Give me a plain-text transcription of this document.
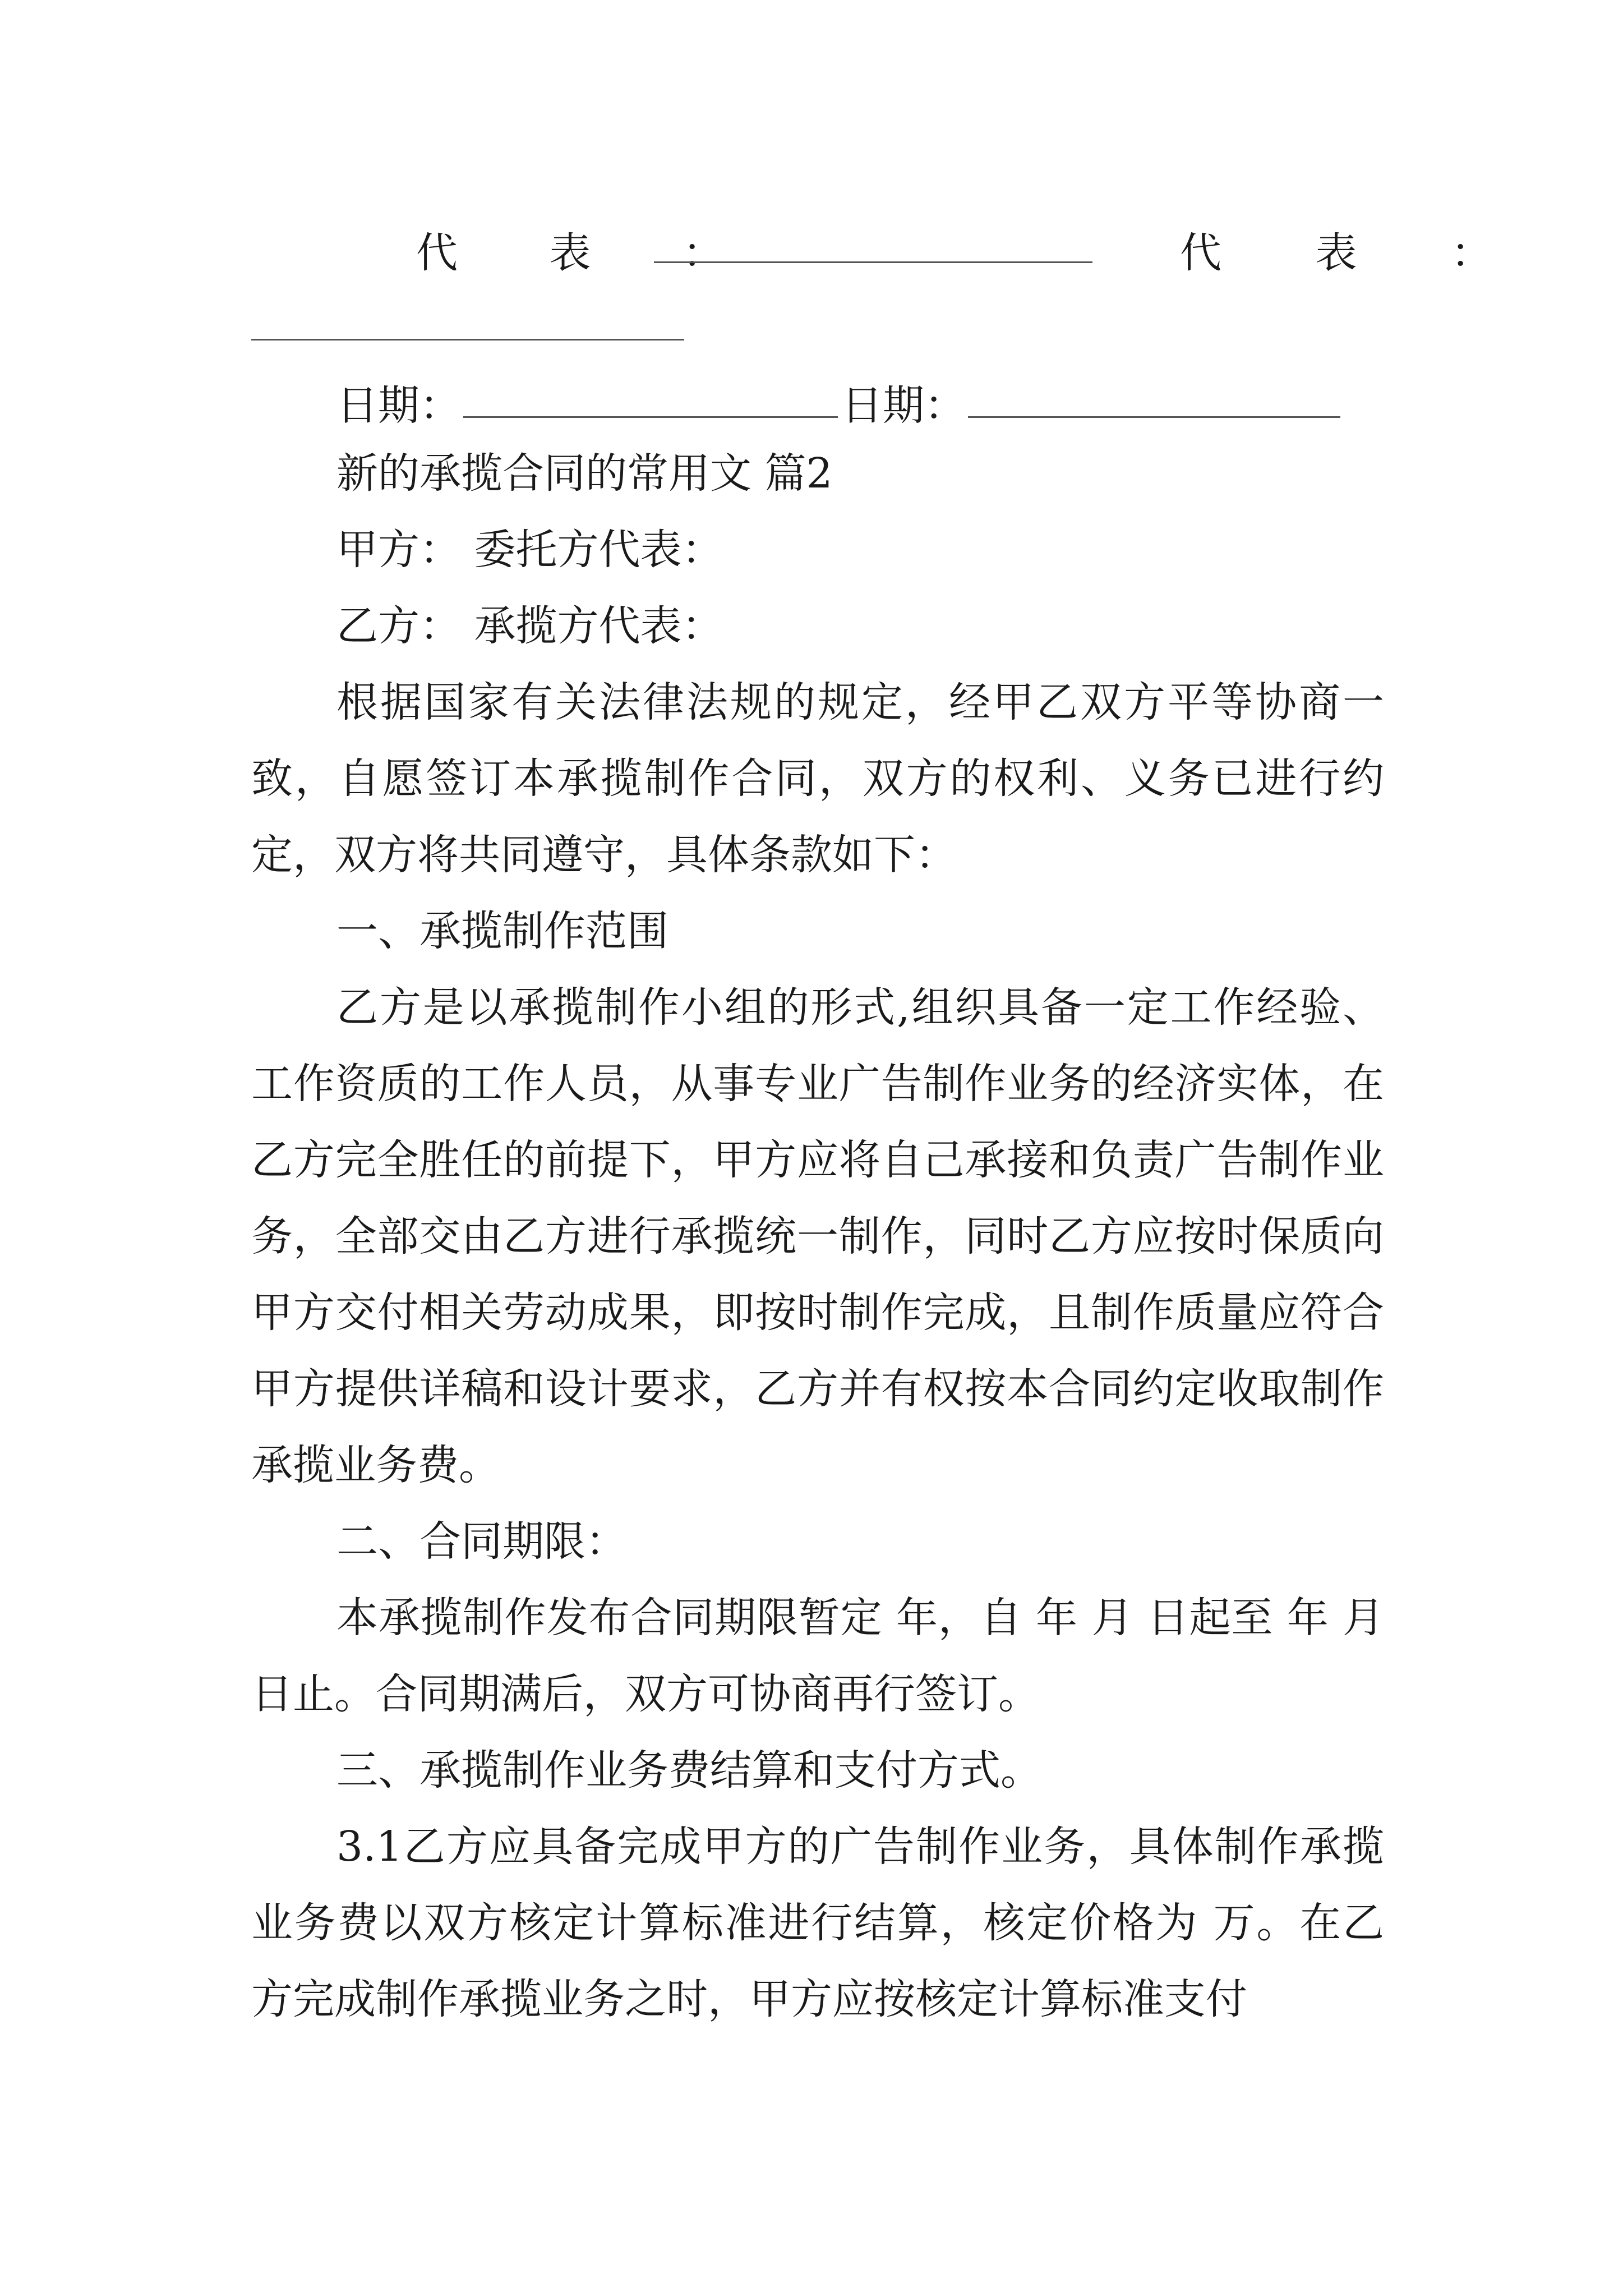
代 表 ：	代 表 ：
日期：	日期：

新的承揽合同的常用文 篇2

甲方： 委托方代表：

乙方： 承揽方代表：

根据国家有关法律法规的规定，经甲乙双方平等协商一致，自愿签订本承揽制作合同，双方的权利、义务已进行约定，双方将共同遵守，具体条款如下：

一、承揽制作范围

乙方是以承揽制作小组的形式,组织具备一定工作经验、工作资质的工作人员，从事专业广告制作业务的经济实体，在乙方完全胜任的前提下，甲方应将自己承接和负责广告制作业务，全部交由乙方进行承揽统一制作，同时乙方应按时保质向甲方交付相关劳动成果，即按时制作完成，且制作质量应符合甲方提供详稿和设计要求，乙方并有权按本合同约定收取制作承揽业务费。

二、合同期限：

本承揽制作发布合同期限暂定 年，自 年 月 日起至 年 月 日止。合同期满后，双方可协商再行签订。

三、承揽制作业务费结算和支付方式。

3.1乙方应具备完成甲方的广告制作业务，具体制作承揽业务费以双方核定计算标准进行结算，核定价格为 万。在乙方完成制作承揽业务之时，甲方应按核定计算标准支付
